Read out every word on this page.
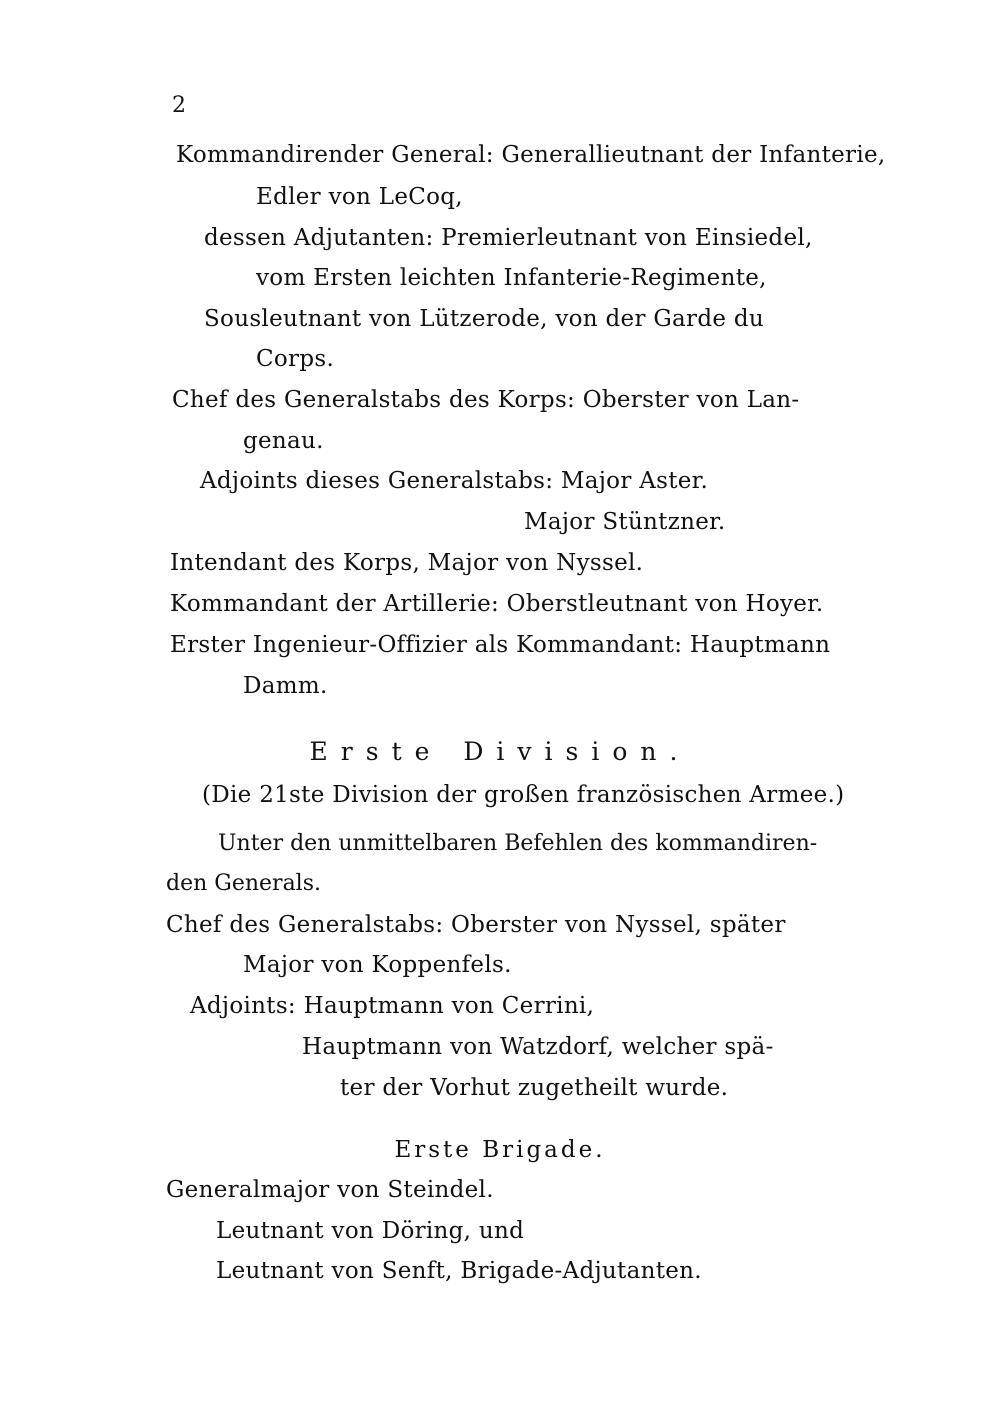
2
Kommandirender General: Generallieutnant der Infanterie,
Edler von LeCoq,
dessen Adjutanten: Premierleutnant von Einsiedel,
vom Ersten leichten Infanterie-Regimente,
Sousleutnant von Lützerode, von der Garde du
Corps.
Chef des Generalstabs des Korps: Oberster von Lan-
genau.
Adjoints dieses Generalstabs: Major Aster.
Major Stüntzner.
Intendant des Korps, Major von Nyssel.
Kommandant der Artillerie: Oberstleutnant von Hoyer.
Erster Ingenieur-Offizier als Kommandant: Hauptmann
Damm.
Erste Division.
(Die 21ste Division der großen französischen Armee.)
Unter den unmittelbaren Befehlen des kommandiren-
den Generals.
Chef des Generalstabs: Oberster von Nyssel, später
Major von Koppenfels.
Adjoints: Hauptmann von Cerrini,
Hauptmann von Watzdorf, welcher spä-
ter der Vorhut zugetheilt wurde.
Erste Brigade.
Generalmajor von Steindel.
Leutnant von Döring, und
Leutnant von Senft, Brigade-Adjutanten.
